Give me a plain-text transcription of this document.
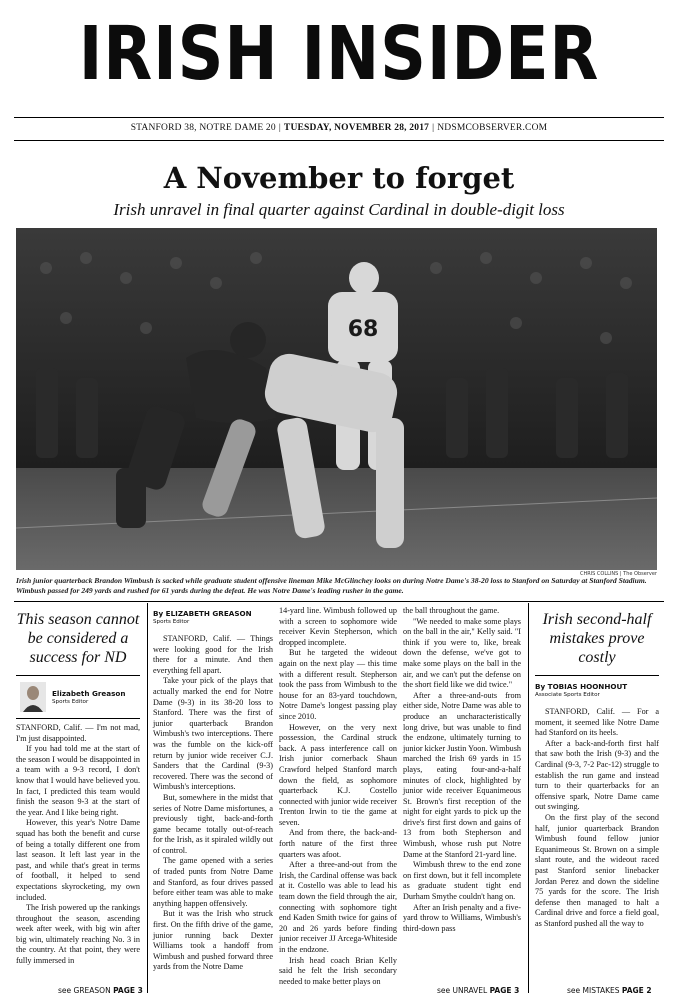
IRISH INSIDER
STANFORD 38, NOTRE DAME 20 | TUESDAY, NOVEMBER 28, 2017 | NDSMCOBSERVER.COM
A November to forget
Irish unravel in final quarter against Cardinal in double-digit loss
68
CHRIS COLLINS | The Observer
Irish junior quarterback Brandon Wimbush is sacked while graduate student offensive lineman Mike McGlinchey looks on during Notre Dame's 38-20 loss to Stanford on Saturday at Stanford Stadium. Wimbush passed for 249 yards and rushed for 61 yards during the defeat. He was Notre Dame's leading rusher in the game.
This season cannot be considered a success for ND
Elizabeth Greason
Sports Editor

STANFORD, Calif. — I'm not mad, I'm just disappointed.

If you had told me at the start of the season I would be disappointed in a team with a 9-3 record, I don't know that I would have believed you. In fact, I predicted this team would finish the season 9-3 at the start of the year. And I like being right.

However, this year's Notre Dame squad has both the benefit and curse of being a totally different one from last season. It left last year in the past, and while that's great in terms of football, it helped to send expectations skyrocketing, my own included.

The Irish powered up the rankings throughout the season, ascending week after week, with big win after big win, ultimately reaching No. 3 in the country. At that point, they were fully immersed in

see GREASON PAGE 3
By ELIZABETH GREASON
Sports Editor

STANFORD, Calif. — Things were looking good for the Irish there for a minute. And then everything fell apart.

Take your pick of the plays that actually marked the end for Notre Dame (9-3) in its 38-20 loss to Stanford. There was the first of junior quarterback Brandon Wimbush's two interceptions. There was the fumble on the kick-off return by junior wide receiver C.J. Sanders that the Cardinal (9-3) recovered. There was the second of Wimbush's interceptions.

But, somewhere in the midst that series of Notre Dame misfortunes, a previously tight, back-and-forth game became totally out-of-reach for the Irish, as it spiraled wildly out of control.

The game opened with a series of traded punts from Notre Dame and Stanford, as four drives passed before either team was able to make anything happen offensively.

But it was the Irish who struck first. On the fifth drive of the game, junior running back Dexter Williams took a handoff from Wimbush and pushed forward three yards from the Notre Dame

14-yard line. Wimbush followed up with a screen to sophomore wide receiver Kevin Stepherson, which dropped incomplete.

But he targeted the wideout again on the next play — this time with a different result. Stepherson took the pass from Wimbush to the house for an 83-yard touchdown, Notre Dame's longest passing play since 2010.

However, on the very next possession, the Cardinal struck back. A pass interference call on Irish junior cornerback Shaun Crawford helped Stanford march down the field, as sophomore quarterback K.J. Costello connected with junior wide receiver Trenton Irwin to tie the game at seven.

And from there, the back-and-forth nature of the first three quarters was afoot.

After a three-and-out from the Irish, the Cardinal offense was back at it. Costello was able to lead his team down the field through the air, connecting with sophomore tight end Kaden Smith twice for gains of 20 and 26 yards before finding junior receiver JJ Arcega-Whiteside in the endzone.

Irish head coach Brian Kelly said he felt the Irish secondary needed to make better plays on

the ball throughout the game.

"We needed to make some plays on the ball in the air," Kelly said. "I think if you were to, like, break down the defense, we've got to make some plays on the ball in the air, and we can't put the defense on the short field like we did twice."

After a three-and-outs from either side, Notre Dame was able to produce an uncharacteristically long drive, but was unable to find the endzone, ultimately turning to junior kicker Justin Yoon. Wimbush marched the Irish 69 yards in 15 plays, eating four-and-a-half minutes of clock, highlighted by junior wide receiver Equanimeous St. Brown's first reception of the night for eight yards to pick up the drive's first first down and gains of 13 from both Stepherson and Wimbush, whose rush put Notre Dame at the Stanford 21-yard line.

Wimbush threw to the end zone on first down, but it fell incomplete as graduate student tight end Durham Smythe couldn't hang on.

After an Irish penalty and a five-yard throw to Williams, Wimbush's third-down pass

see UNRAVEL PAGE 3
Irish second-half mistakes prove costly
By TOBIAS HOONHOUT
Associate Sports Editor

STANFORD, Calif. — For a moment, it seemed like Notre Dame had Stanford on its heels.

After a back-and-forth first half that saw both the Irish (9-3) and the Cardinal (9-3, 7-2 Pac-12) struggle to establish the run game and instead turn to their quarterbacks for an offensive spark, Notre Dame came out swinging.

On the first play of the second half, junior quarterback Brandon Wimbush found fellow junior Equanimeous St. Brown on a simple slant route, and the wideout raced past Stanford senior linebacker Jordan Perez and down the sideline 75 yards for the score. The Irish defense then managed to halt a Cardinal drive and force a field goal, as Stanford pushed all the way to

see MISTAKES PAGE 2
